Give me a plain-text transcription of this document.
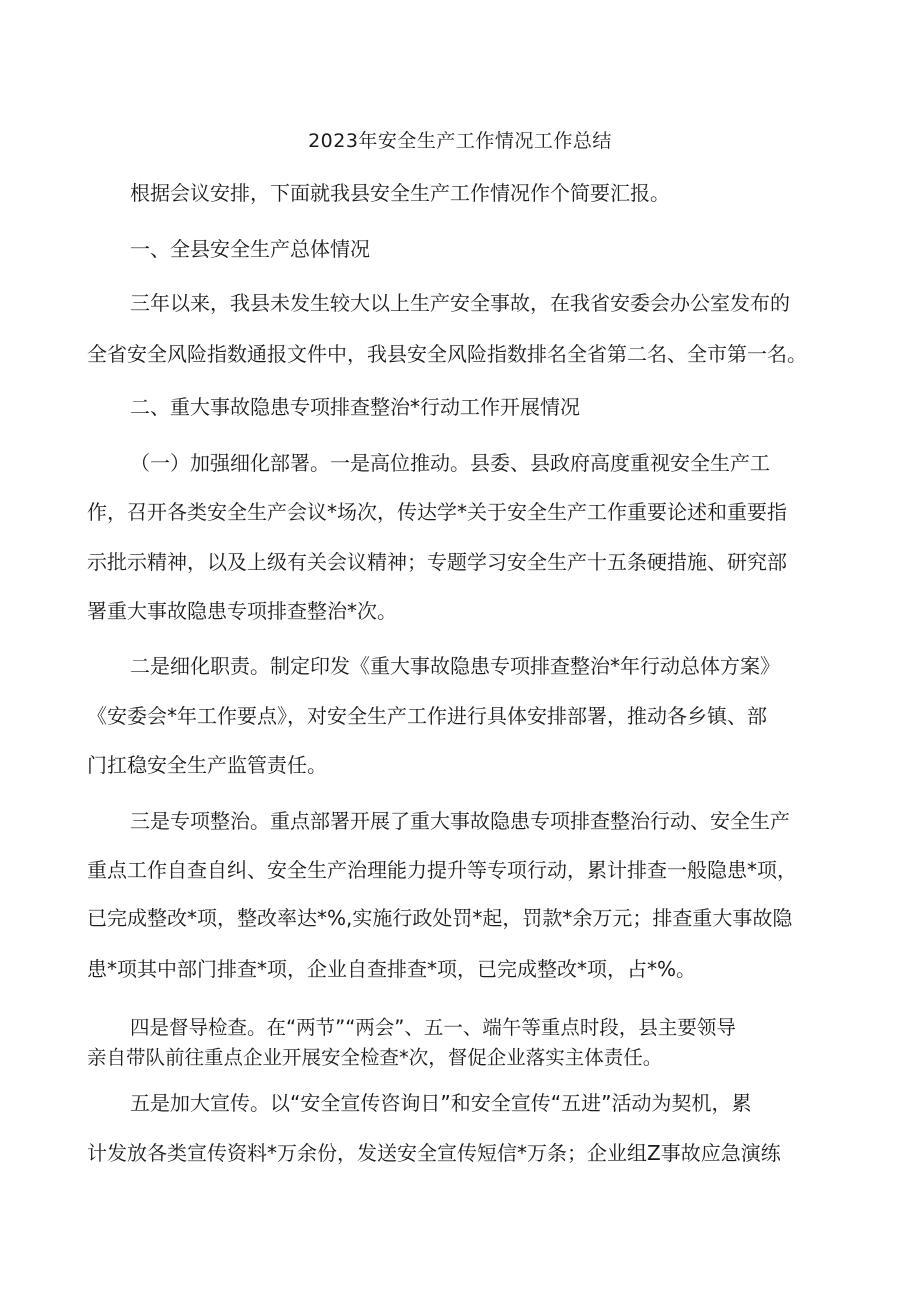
2023年安全生产工作情况工作总结
根据会议安排，下面就我县安全生产工作情况作个简要汇报。
一、全县安全生产总体情况
三年以来，我县未发生较大以上生产安全事故，在我省安委会办公室发布的
全省安全风险指数通报文件中，我县安全风险指数排名全省第二名、全市第一名。
二、重大事故隐患专项排查整治*行动工作开展情况
（一）加强细化部署。一是高位推动。县委、县政府高度重视安全生产工
作，召开各类安全生产会议*场次，传达学*关于安全生产工作重要论述和重要指
示批示精神，以及上级有关会议精神；专题学习安全生产十五条硬措施、研究部
署重大事故隐患专项排查整治*次。
二是细化职责。制定印发《重大事故隐患专项排查整治*年行动总体方案》
《安委会*年工作要点》，对安全生产工作进行具体安排部署，推动各乡镇、部
门扛稳安全生产监管责任。
三是专项整治。重点部署开展了重大事故隐患专项排查整治行动、安全生产
重点工作自查自纠、安全生产治理能力提升等专项行动，累计排查一般隐患*项，
已完成整改*项，整改率达*%,实施行政处罚*起，罚款*余万元；排查重大事故隐
患*项其中部门排查*项，企业自查排查*项，已完成整改*项，占*%。
四是督导检查。在“两节”“两会”、五一、端午等重点时段，县主要领导
亲自带队前往重点企业开展安全检查*次，督促企业落实主体责任。
五是加大宣传。以“安全宣传咨询日”和安全宣传“五进”活动为契机，累
计发放各类宣传资料*万余份，发送安全宣传短信*万条；企业组Z事故应急演练
